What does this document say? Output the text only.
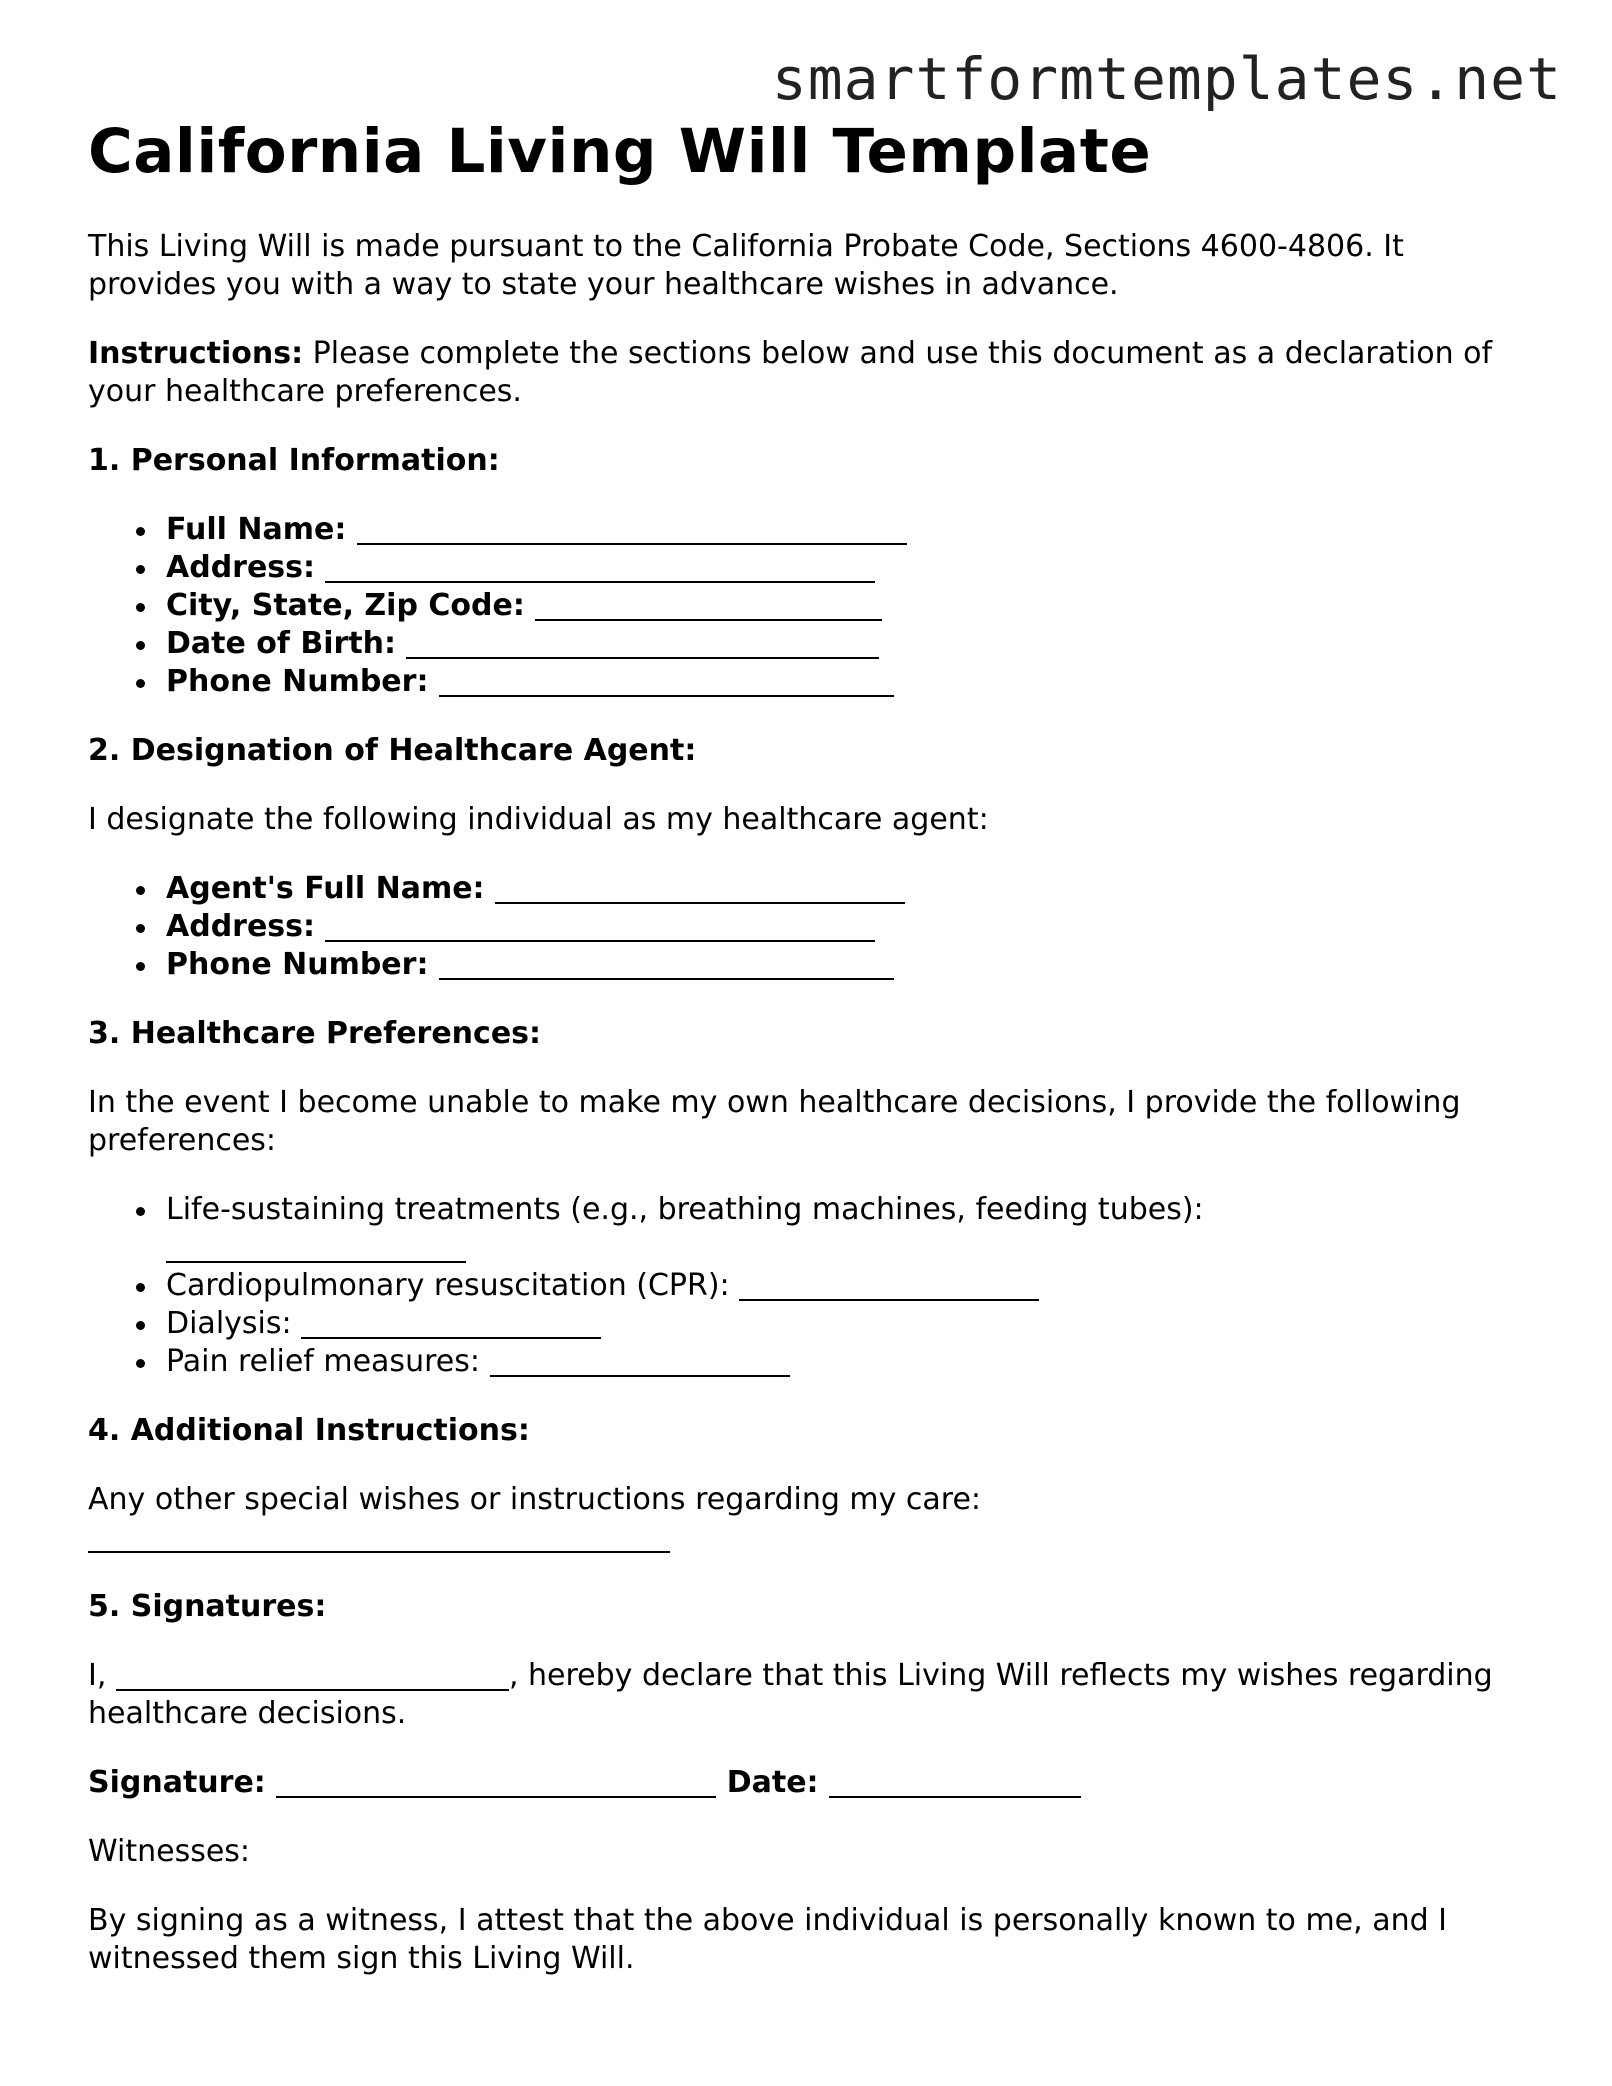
smartformtemplates.net
California Living Will Template

This Living Will is made pursuant to the California Probate Code, Sections 4600-4806. It provides you with a way to state your healthcare wishes in advance.

Instructions: Please complete the sections below and use this document as a declaration of your healthcare preferences.

1. Personal Information:
Full Name:
Address:
City, State, Zip Code:
Date of Birth:
Phone Number:
2. Designation of Healthcare Agent:

I designate the following individual as my healthcare agent:

Agent's Full Name:
Address:
Phone Number:
3. Healthcare Preferences:

In the event I become unable to make my own healthcare decisions, I provide the following preferences:

Life-sustaining treatments (e.g., breathing machines, feeding tubes):
Cardiopulmonary resuscitation (CPR):
Dialysis:
Pain relief measures:
4. Additional Instructions:

Any other special wishes or instructions regarding my care:

5. Signatures:

I,	, hereby declare that this Living Will reflects my wishes regarding healthcare decisions.

Signature:	Date:

Witnesses:

By signing as a witness, I attest that the above individual is personally known to me, and I witnessed them sign this Living Will.
